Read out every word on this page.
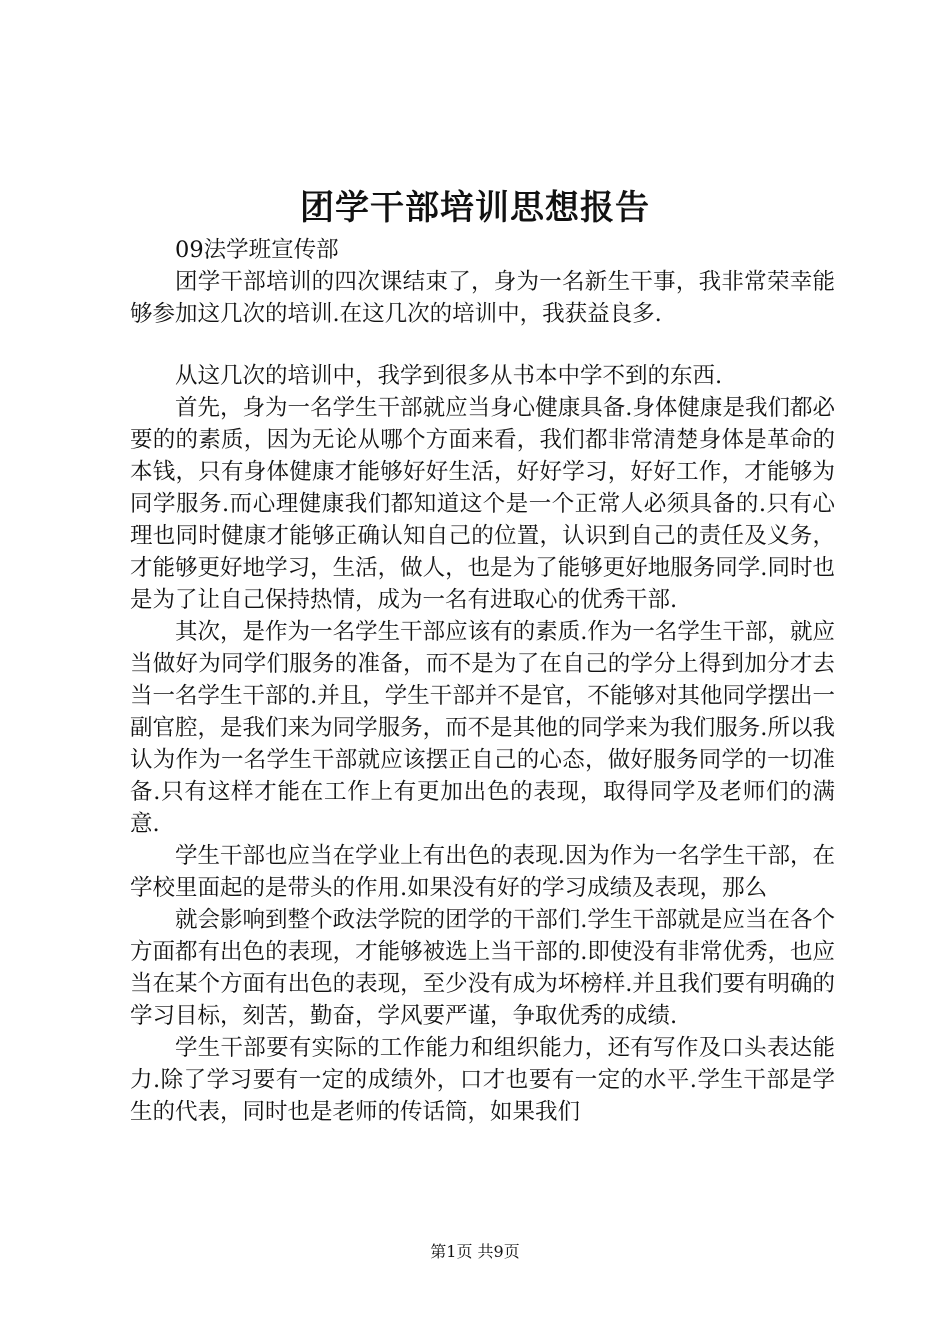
团学干部培训思想报告

09法学班宣传部

团学干部培训的四次课结束了，身为一名新生干事，我非常荣幸能够参加这几次的培训.在这几次的培训中，我获益良多.

从这几次的培训中，我学到很多从书本中学不到的东西.

首先，身为一名学生干部就应当身心健康具备.身体健康是我们都必要的的素质，因为无论从哪个方面来看，我们都非常清楚身体是革命的本钱，只有身体健康才能够好好生活，好好学习，好好工作，才能够为同学服务.而心理健康我们都知道这个是一个正常人必须具备的.只有心理也同时健康才能够正确认知自己的位置，认识到自己的责任及义务，才能够更好地学习，生活，做人，也是为了能够更好地服务同学.同时也是为了让自己保持热情，成为一名有进取心的优秀干部.

其次，是作为一名学生干部应该有的素质.作为一名学生干部，就应当做好为同学们服务的准备，而不是为了在自己的学分上得到加分才去当一名学生干部的.并且，学生干部并不是官，不能够对其他同学摆出一副官腔，是我们来为同学服务，而不是其他的同学来为我们服务.所以我认为作为一名学生干部就应该摆正自己的心态，做好服务同学的一切准备.只有这样才能在工作上有更加出色的表现，取得同学及老师们的满意.

学生干部也应当在学业上有出色的表现.因为作为一名学生干部，在学校里面起的是带头的作用.如果没有好的学习成绩及表现，那么

就会影响到整个政法学院的团学的干部们.学生干部就是应当在各个方面都有出色的表现，才能够被选上当干部的.即使没有非常优秀，也应当在某个方面有出色的表现，至少没有成为坏榜样.并且我们要有明确的学习目标，刻苦，勤奋，学风要严谨，争取优秀的成绩.

学生干部要有实际的工作能力和组织能力，还有写作及口头表达能力.除了学习要有一定的成绩外，口才也要有一定的水平.学生干部是学生的代表，同时也是老师的传话筒，如果我们

第1页 共9页
